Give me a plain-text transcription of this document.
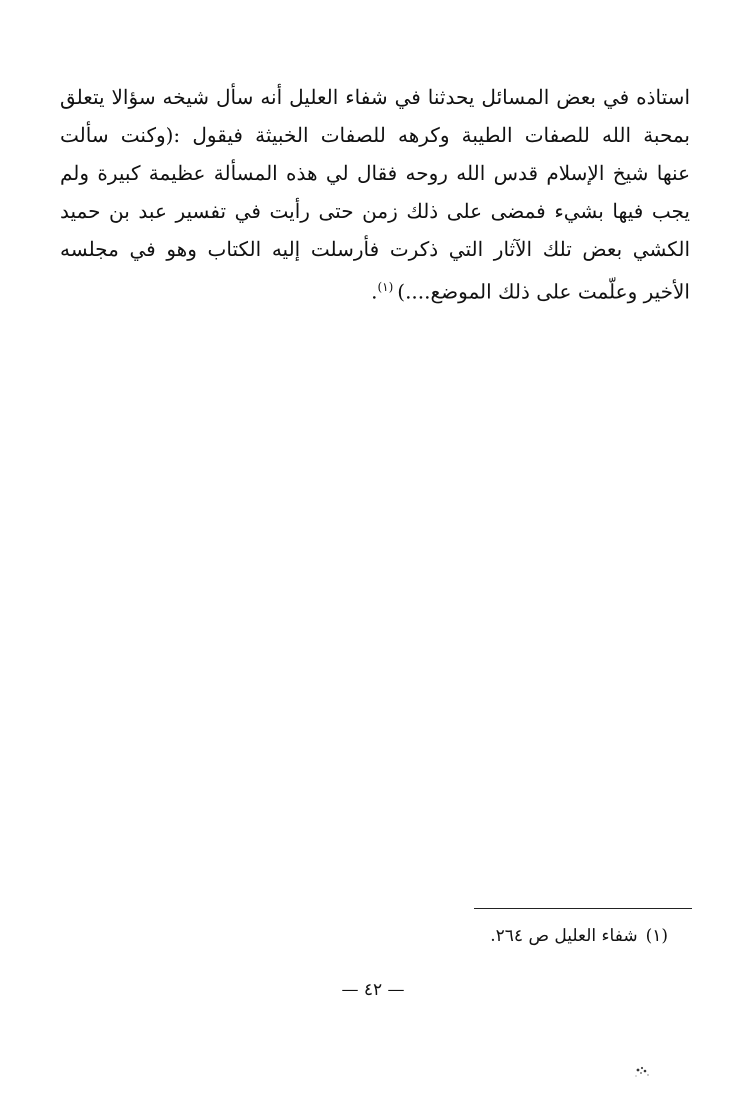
استاذه في بعض المسائل يحدثنا في شفاء العليل أنه سأل شيخه سؤالا يتعلق
بمحبة الله للصفات الطيبة وكرهه للصفات الخبيثة فيقول :(وكنت سألت
عنها شيخ الإسلام قدس الله روحه فقال لي هذه المسألة عظيمة كبيرة ولم
يجب فيها بشيء فمضى على ذلك زمن حتى رأيت في تفسير عبد بن حميد
الكشي بعض تلك الآثار التي ذكرت فأرسلت إليه الكتاب وهو في مجلسه
الأخير وعلّمت على ذلك الموضع....)$^{(١)}$.
(١)شفاء العليل ص ٢٦٤.
— ٤٢ —
